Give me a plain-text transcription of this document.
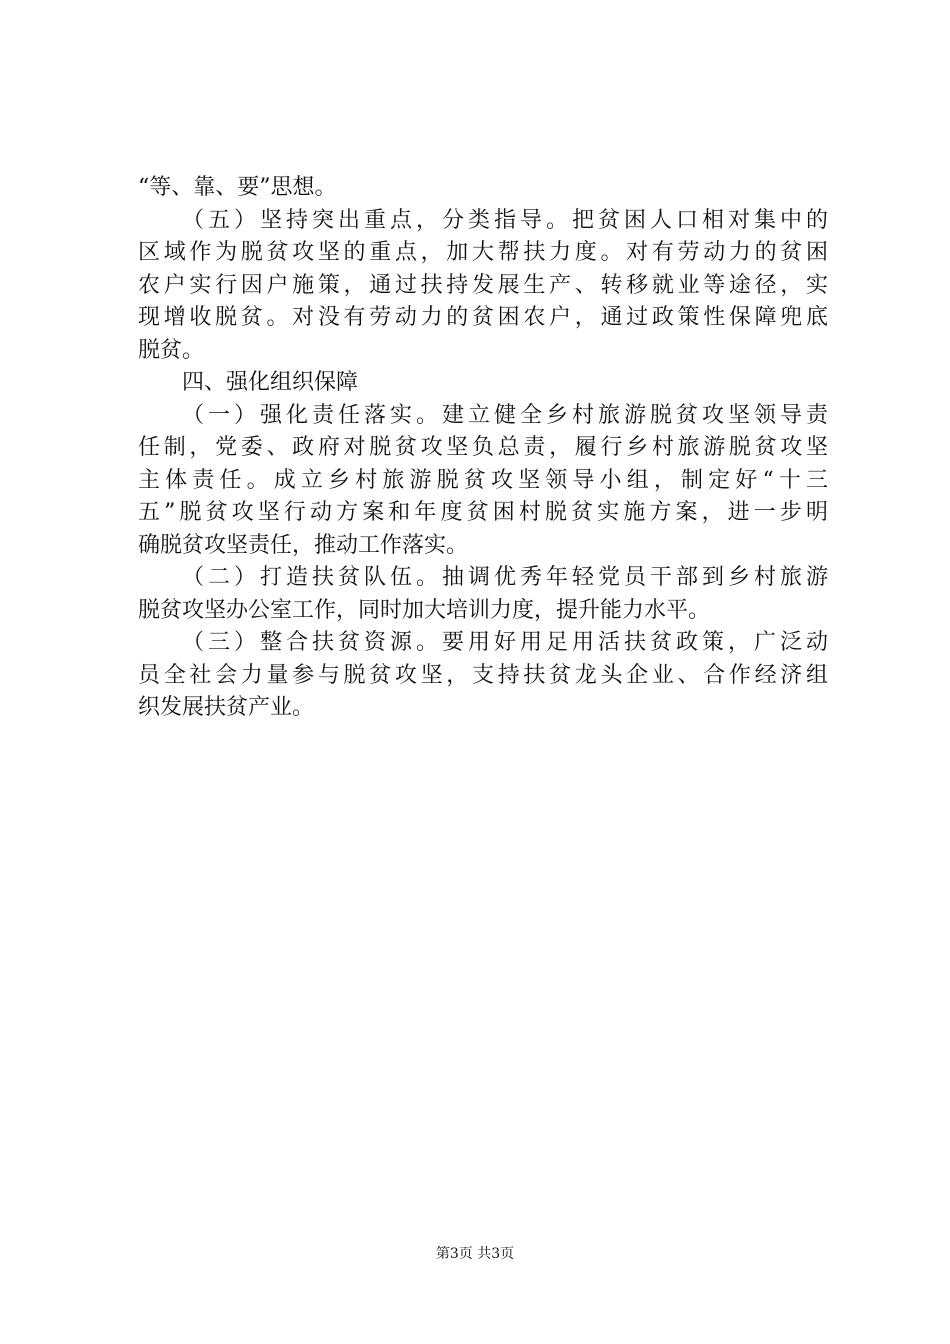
“等、靠、要”思想。
（五）坚持突出重点，分类指导。把贫困人口相对集中的
区域作为脱贫攻坚的重点，加大帮扶力度。对有劳动力的贫困
农户实行因户施策，通过扶持发展生产、转移就业等途径，实
现增收脱贫。对没有劳动力的贫困农户，通过政策性保障兜底
脱贫。
四、强化组织保障
（一）强化责任落实。建立健全乡村旅游脱贫攻坚领导责
任制，党委、政府对脱贫攻坚负总责，履行乡村旅游脱贫攻坚
主体责任。成立乡村旅游脱贫攻坚领导小组，制定好“十三
五”脱贫攻坚行动方案和年度贫困村脱贫实施方案，进一步明
确脱贫攻坚责任，推动工作落实。
（二）打造扶贫队伍。抽调优秀年轻党员干部到乡村旅游
脱贫攻坚办公室工作，同时加大培训力度，提升能力水平。
（三）整合扶贫资源。要用好用足用活扶贫政策，广泛动
员全社会力量参与脱贫攻坚，支持扶贫龙头企业、合作经济组
织发展扶贫产业。
第3页 共3页
